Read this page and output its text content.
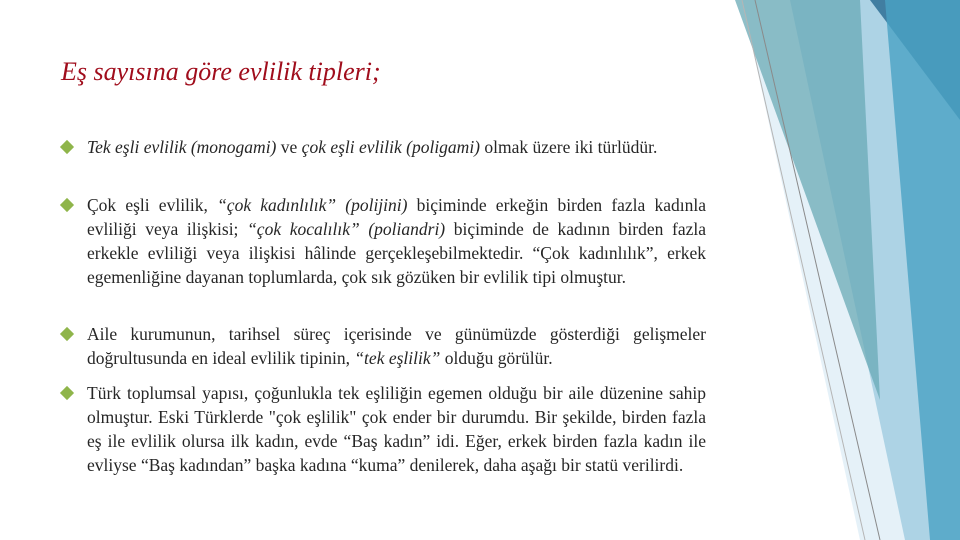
Eş sayısına göre evlilik tipleri;
Tek eşli evlilik (monogami) ve çok eşli evlilik (poligami) olmak üzere iki türlüdür.
Çok eşli evlilik, “çok kadınlılık” (polijini) biçiminde erkeğin birden fazla kadınla evliliği veya ilişkisi; “çok kocalılık” (poliandri) biçiminde de kadının birden fazla erkekle evliliği veya ilişkisi hâlinde gerçekleşebilmektedir. “Çok kadınlılık”, erkek egemenliğine dayanan toplumlarda, çok sık gözüken bir evlilik tipi olmuştur.
Aile kurumunun, tarihsel süreç içerisinde ve günümüzde gösterdiği gelişmeler doğrultusunda en ideal evlilik tipinin, “tek eşlilik” olduğu görülür.
Türk toplumsal yapısı, çoğunlukla tek eşliliğin egemen olduğu bir aile düzenine sahip olmuştur. Eski Türklerde "çok eşlilik" çok ender bir durumdu. Bir şekilde, birden fazla eş ile evlilik olursa ilk kadın, evde “Baş kadın” idi. Eğer, erkek birden fazla kadın ile evliyse “Baş kadından” başka kadına “kuma” denilerek, daha aşağı bir statü verilirdi.
